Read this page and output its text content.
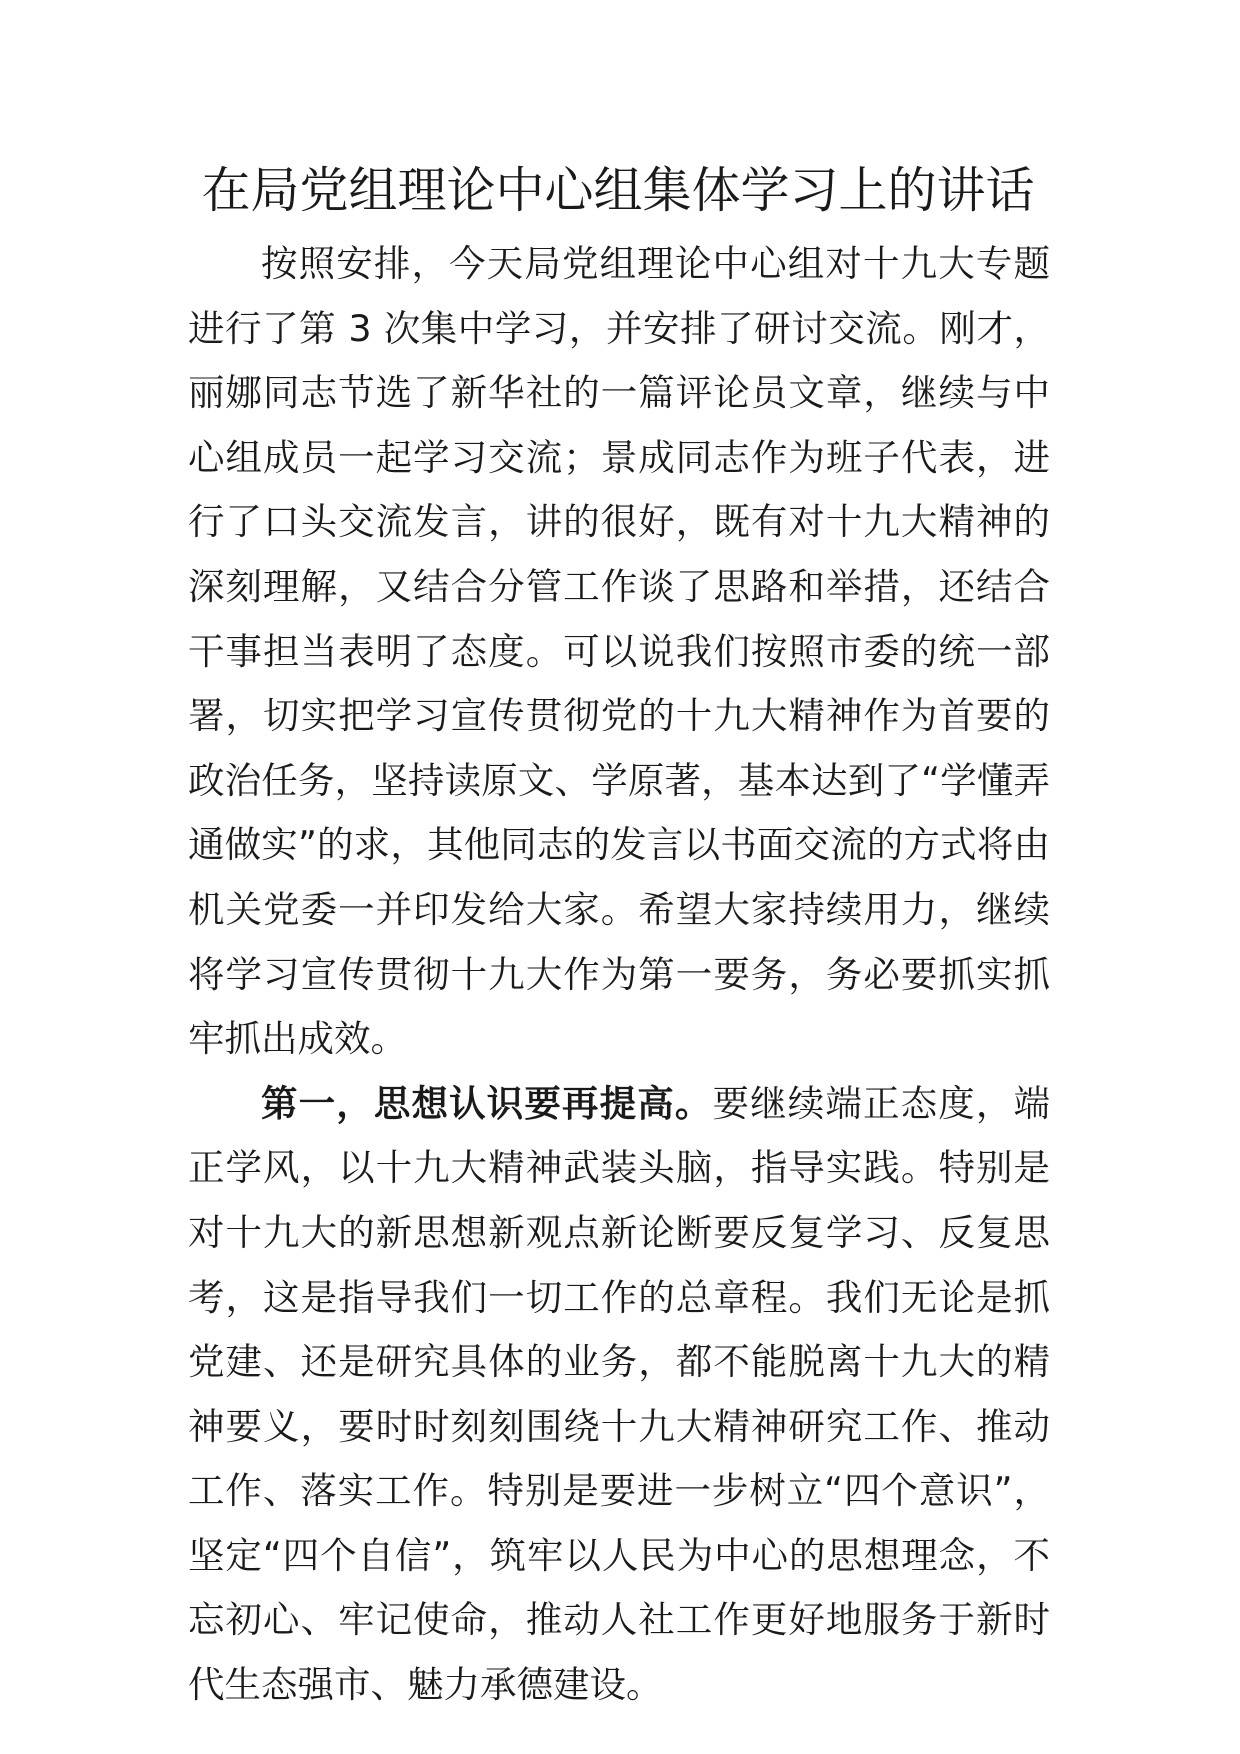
在局党组理论中心组集体学习上的讲话

按照安排，今天局党组理论中心组对十九大专题进行了第 3 次集中学习，并安排了研讨交流。刚才，丽娜同志节选了新华社的一篇评论员文章，继续与中心组成员一起学习交流；景成同志作为班子代表，进行了口头交流发言，讲的很好，既有对十九大精神的深刻理解，又结合分管工作谈了思路和举措，还结合干事担当表明了态度。可以说我们按照市委的统一部署，切实把学习宣传贯彻党的十九大精神作为首要的政治任务，坚持读原文、学原著，基本达到了“学懂弄通做实”的求，其他同志的发言以书面交流的方式将由机关党委一并印发给大家。希望大家持续用力，继续将学习宣传贯彻十九大作为第一要务，务必要抓实抓牢抓出成效。

第一，思想认识要再提高。要继续端正态度，端正学风，以十九大精神武装头脑，指导实践。特别是对十九大的新思想新观点新论断要反复学习、反复思考，这是指导我们一切工作的总章程。我们无论是抓党建、还是研究具体的业务，都不能脱离十九大的精神要义，要时时刻刻围绕十九大精神研究工作、推动工作、落实工作。特别是要进一步树立“四个意识”，坚定“四个自信”，筑牢以人民为中心的思想理念，不忘初心、牢记使命，推动人社工作更好地服务于新时代生态强市、魅力承德建设。
